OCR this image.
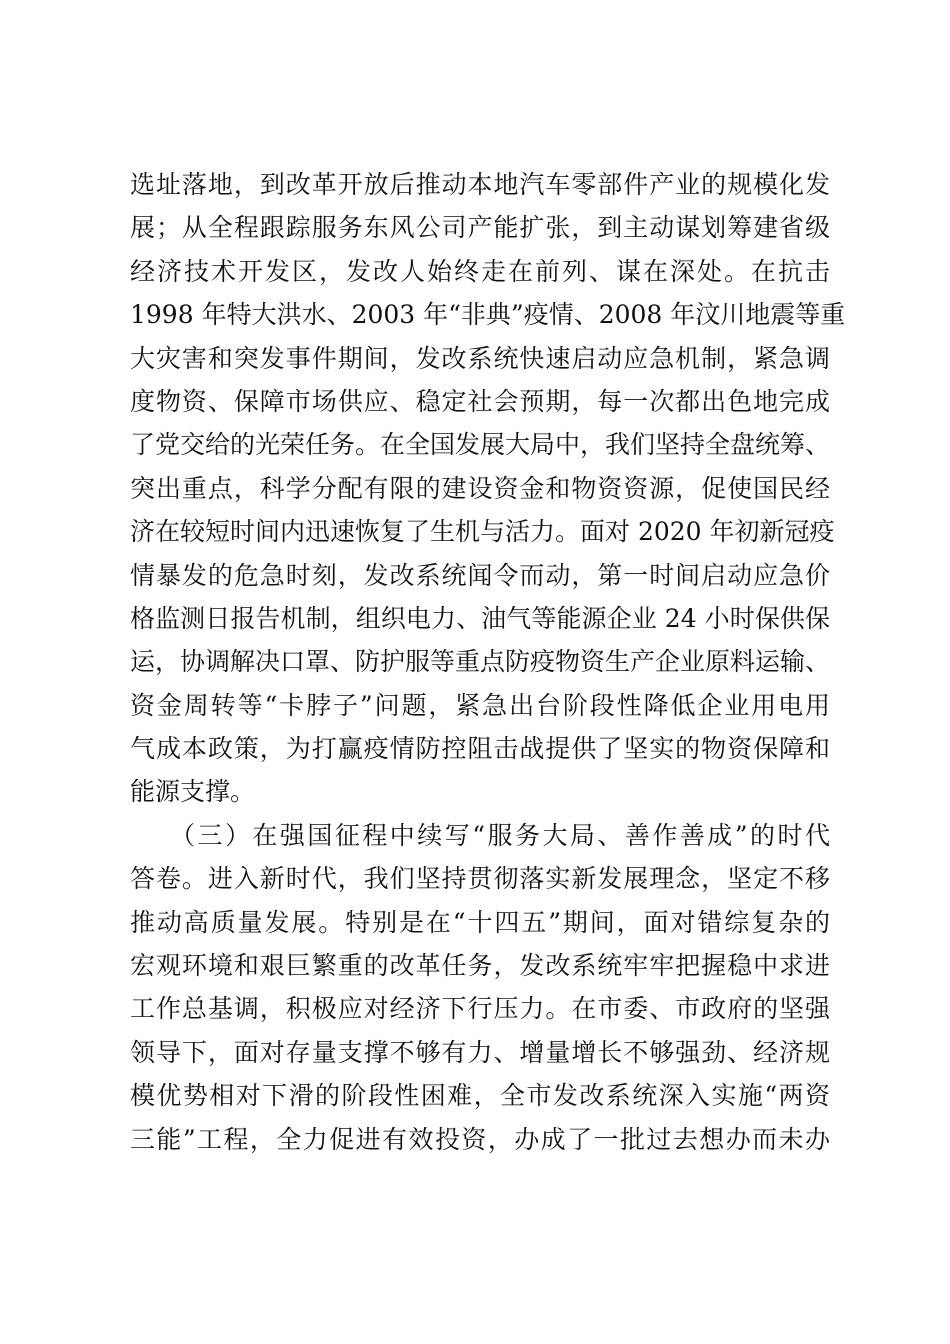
选址落地，到改革开放后推动本地汽车零部件产业的规模化发
展；从全程跟踪服务东风公司产能扩张，到主动谋划筹建省级
经济技术开发区，发改人始终走在前列、谋在深处。在抗击
1998 年特大洪水、2003 年“非典”疫情、2008 年汶川地震等重
大灾害和突发事件期间，发改系统快速启动应急机制，紧急调
度物资、保障市场供应、稳定社会预期，每一次都出色地完成
了党交给的光荣任务。在全国发展大局中，我们坚持全盘统筹、
突出重点，科学分配有限的建设资金和物资资源，促使国民经
济在较短时间内迅速恢复了生机与活力。面对 2020 年初新冠疫
情暴发的危急时刻，发改系统闻令而动，第一时间启动应急价
格监测日报告机制，组织电力、油气等能源企业 24 小时保供保
运，协调解决口罩、防护服等重点防疫物资生产企业原料运输、
资金周转等“卡脖子”问题，紧急出台阶段性降低企业用电用
气成本政策，为打赢疫情防控阻击战提供了坚实的物资保障和
能源支撑。
（三）在强国征程中续写“服务大局、善作善成”的时代
答卷。进入新时代，我们坚持贯彻落实新发展理念，坚定不移
推动高质量发展。特别是在“十四五”期间，面对错综复杂的
宏观环境和艰巨繁重的改革任务，发改系统牢牢把握稳中求进
工作总基调，积极应对经济下行压力。在市委、市政府的坚强
领导下，面对存量支撑不够有力、增量增长不够强劲、经济规
模优势相对下滑的阶段性困难，全市发改系统深入实施“两资
三能”工程，全力促进有效投资，办成了一批过去想办而未办
